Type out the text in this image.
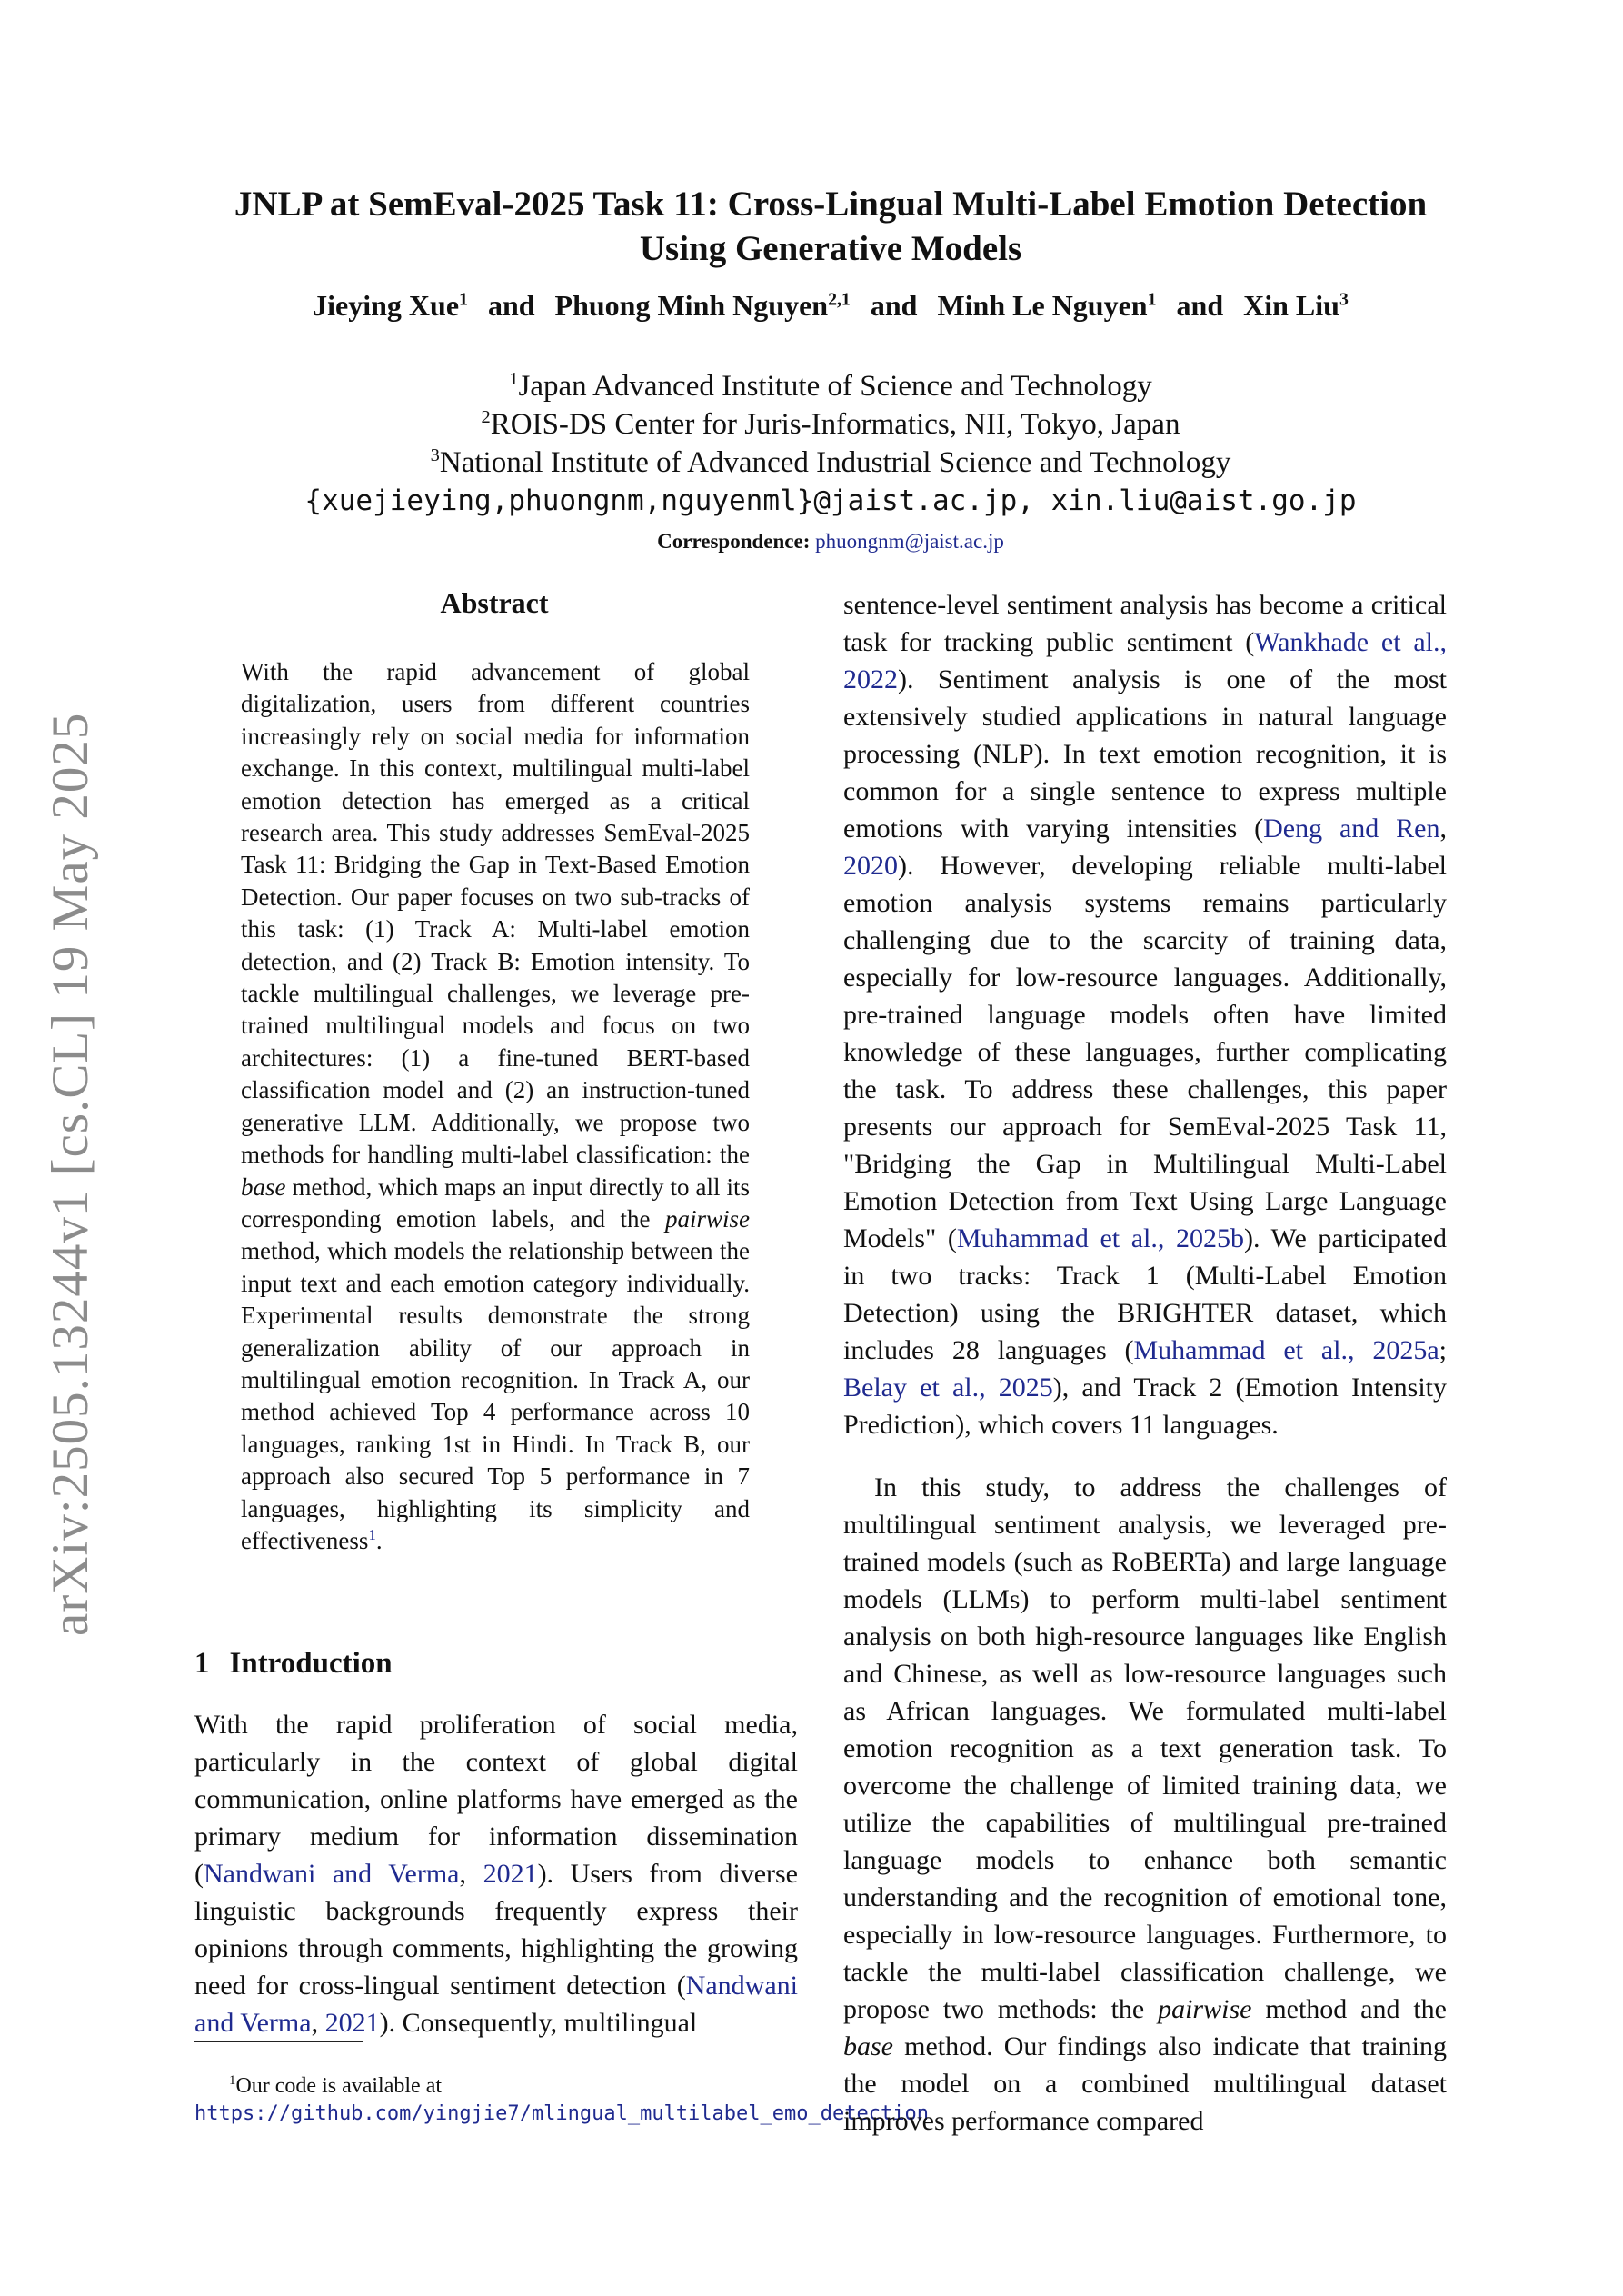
arXiv:2505.13244v1 [cs.CL] 19 May 2025
JNLP at SemEval-2025 Task 11: Cross-Lingual Multi-Label Emotion Detection Using Generative Models
Jieying Xue$^1$ and Phuong Minh Nguyen$^{2,1}$ and Minh Le Nguyen$^1$ and Xin Liu$^3$
$^1$Japan Advanced Institute of Science and Technology
$^2$ROIS-DS Center for Juris-Informatics, NII, Tokyo, Japan
$^3$National Institute of Advanced Industrial Science and Technology
{xuejieying,phuongnm,nguyenml}@jaist.ac.jp, xin.liu@aist.go.jp
Correspondence: phuongnm@jaist.ac.jp
Abstract
With the rapid advancement of global digitalization, users from different countries increasingly rely on social media for information exchange. In this context, multilingual multi-label emotion detection has emerged as a critical research area. This study addresses SemEval-2025 Task 11: Bridging the Gap in Text-Based Emotion Detection. Our paper focuses on two sub-tracks of this task: (1) Track A: Multi-label emotion detection, and (2) Track B: Emotion intensity. To tackle multilingual challenges, we leverage pre-trained multilingual models and focus on two architectures: (1) a fine-tuned BERT-based classification model and (2) an instruction-tuned generative LLM. Additionally, we propose two methods for handling multi-label classification: the base method, which maps an input directly to all its corresponding emotion labels, and the pairwise method, which models the relationship between the input text and each emotion category individually. Experimental results demonstrate the strong generalization ability of our approach in multilingual emotion recognition. In Track A, our method achieved Top 4 performance across 10 languages, ranking 1st in Hindi. In Track B, our approach also secured Top 5 performance in 7 languages, highlighting its simplicity and effectiveness$^1$.
1 Introduction
With the rapid proliferation of social media, particularly in the context of global digital communication, online platforms have emerged as the primary medium for information dissemination (Nandwani and Verma, 2021). Users from diverse linguistic backgrounds frequently express their opinions through comments, highlighting the growing need for cross-lingual sentiment detection (Nandwani and Verma, 2021). Consequently, multilingual
$^1$Our code is available at https://github.com/yingjie7/mlingual_multilabel_emo_detection

sentence-level sentiment analysis has become a critical task for tracking public sentiment (Wankhade et al., 2022). Sentiment analysis is one of the most extensively studied applications in natural language processing (NLP). In text emotion recognition, it is common for a single sentence to express multiple emotions with varying intensities (Deng and Ren, 2020). However, developing reliable multi-label emotion analysis systems remains particularly challenging due to the scarcity of training data, especially for low-resource languages. Additionally, pre-trained language models often have limited knowledge of these languages, further complicating the task. To address these challenges, this paper presents our approach for SemEval-2025 Task 11, "Bridging the Gap in Multilingual Multi-Label Emotion Detection from Text Using Large Language Models" (Muhammad et al., 2025b). We participated in two tracks: Track 1 (Multi-Label Emotion Detection) using the BRIGHTER dataset, which includes 28 languages (Muhammad et al., 2025a; Belay et al., 2025), and Track 2 (Emotion Intensity Prediction), which covers 11 languages.

In this study, to address the challenges of multilingual sentiment analysis, we leveraged pre-trained models (such as RoBERTa) and large language models (LLMs) to perform multi-label sentiment analysis on both high-resource languages like English and Chinese, as well as low-resource languages such as African languages. We formulated multi-label emotion recognition as a text generation task. To overcome the challenge of limited training data, we utilize the capabilities of multilingual pre-trained language models to enhance both semantic understanding and the recognition of emotional tone, especially in low-resource languages. Furthermore, to tackle the multi-label classification challenge, we propose two methods: the pairwise method and the base method. Our findings also indicate that training the model on a combined multilingual dataset improves performance compared
